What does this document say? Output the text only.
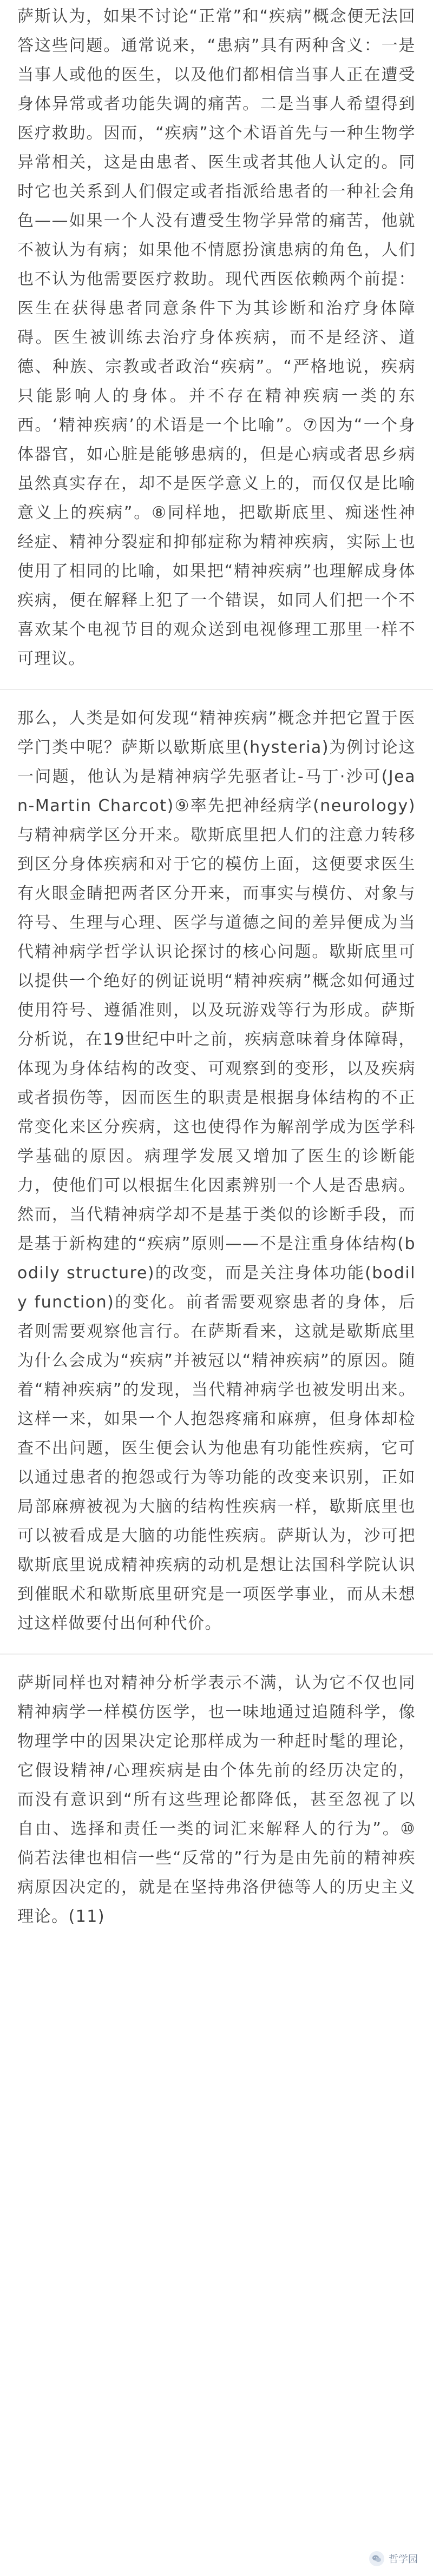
萨斯认为，如果不讨论“正常”和“疾病”概念便无法回答这些问题。通常说来，“患病”具有两种含义：一是当事人或他的医生，以及他们都相信当事人正在遭受身体异常或者功能失调的痛苦。二是当事人希望得到医疗救助。因而，“疾病”这个术语首先与一种生物学异常相关，这是由患者、医生或者其他人认定的。同时它也关系到人们假定或者指派给患者的一种社会角色——如果一个人没有遭受生物学异常的痛苦，他就不被认为有病；如果他不情愿扮演患病的角色，人们也不认为他需要医疗救助。现代西医依赖两个前提：医生在获得患者同意条件下为其诊断和治疗身体障碍。医生被训练去治疗身体疾病，而不是经济、道德、种族、宗教或者政治“疾病”。“严格地说，疾病只能影响人的身体。并不存在精神疾病一类的东西。‘精神疾病’的术语是一个比喻”。⑦因为“一个身体器官，如心脏是能够患病的，但是心病或者思乡病虽然真实存在，却不是医学意义上的，而仅仅是比喻意义上的疾病”。⑧同样地，把歇斯底里、痴迷性神经症、精神分裂症和抑郁症称为精神疾病，实际上也使用了相同的比喻，如果把“精神疾病”也理解成身体疾病，便在解释上犯了一个错误，如同人们把一个不喜欢某个电视节目的观众送到电视修理工那里一样不可理议。

那么，人类是如何发现“精神疾病”概念并把它置于医学门类中呢？萨斯以歇斯底里(hysteria)为例讨论这一问题，他认为是精神病学先驱者让-马丁·沙可(Jean-Martin Charcot)⑨率先把神经病学(neurology)与精神病学区分开来。歇斯底里把人们的注意力转移到区分身体疾病和对于它的模仿上面，这便要求医生有火眼金睛把两者区分开来，而事实与模仿、对象与符号、生理与心理、医学与道德之间的差异便成为当代精神病学哲学认识论探讨的核心问题。歇斯底里可以提供一个绝好的例证说明“精神疾病”概念如何通过使用符号、遵循准则，以及玩游戏等行为形成。萨斯分析说，在19世纪中叶之前，疾病意味着身体障碍，体现为身体结构的改变、可观察到的变形，以及疾病或者损伤等，因而医生的职责是根据身体结构的不正常变化来区分疾病，这也使得作为解剖学成为医学科学基础的原因。病理学发展又增加了医生的诊断能力，使他们可以根据生化因素辨别一个人是否患病。然而，当代精神病学却不是基于类似的诊断手段，而是基于新构建的“疾病”原则——不是注重身体结构(bodily structure)的改变，而是关注身体功能(bodily function)的变化。前者需要观察患者的身体，后者则需要观察他言行。在萨斯看来，这就是歇斯底里为什么会成为“疾病”并被冠以“精神疾病”的原因。随着“精神疾病”的发现，当代精神病学也被发明出来。这样一来，如果一个人抱怨疼痛和麻痹，但身体却检查不出问题，医生便会认为他患有功能性疾病，它可以通过患者的抱怨或行为等功能的改变来识别，正如局部麻痹被视为大脑的结构性疾病一样，歇斯底里也可以被看成是大脑的功能性疾病。萨斯认为，沙可把歇斯底里说成精神疾病的动机是想让法国科学院认识到催眠术和歇斯底里研究是一项医学事业，而从未想过这样做要付出何种代价。

萨斯同样也对精神分析学表示不满，认为它不仅也同精神病学一样模仿医学，也一味地通过追随科学，像物理学中的因果决定论那样成为一种赶时髦的理论，它假设精神/心理疾病是由个体先前的经历决定的，而没有意识到“所有这些理论都降低，甚至忽视了以自由、选择和责任一类的词汇来解释人的行为”。⑩倘若法律也相信一些“反常的”行为是由先前的精神疾病原因决定的，就是在坚持弗洛伊德等人的历史主义理论。(11)

哲学园
